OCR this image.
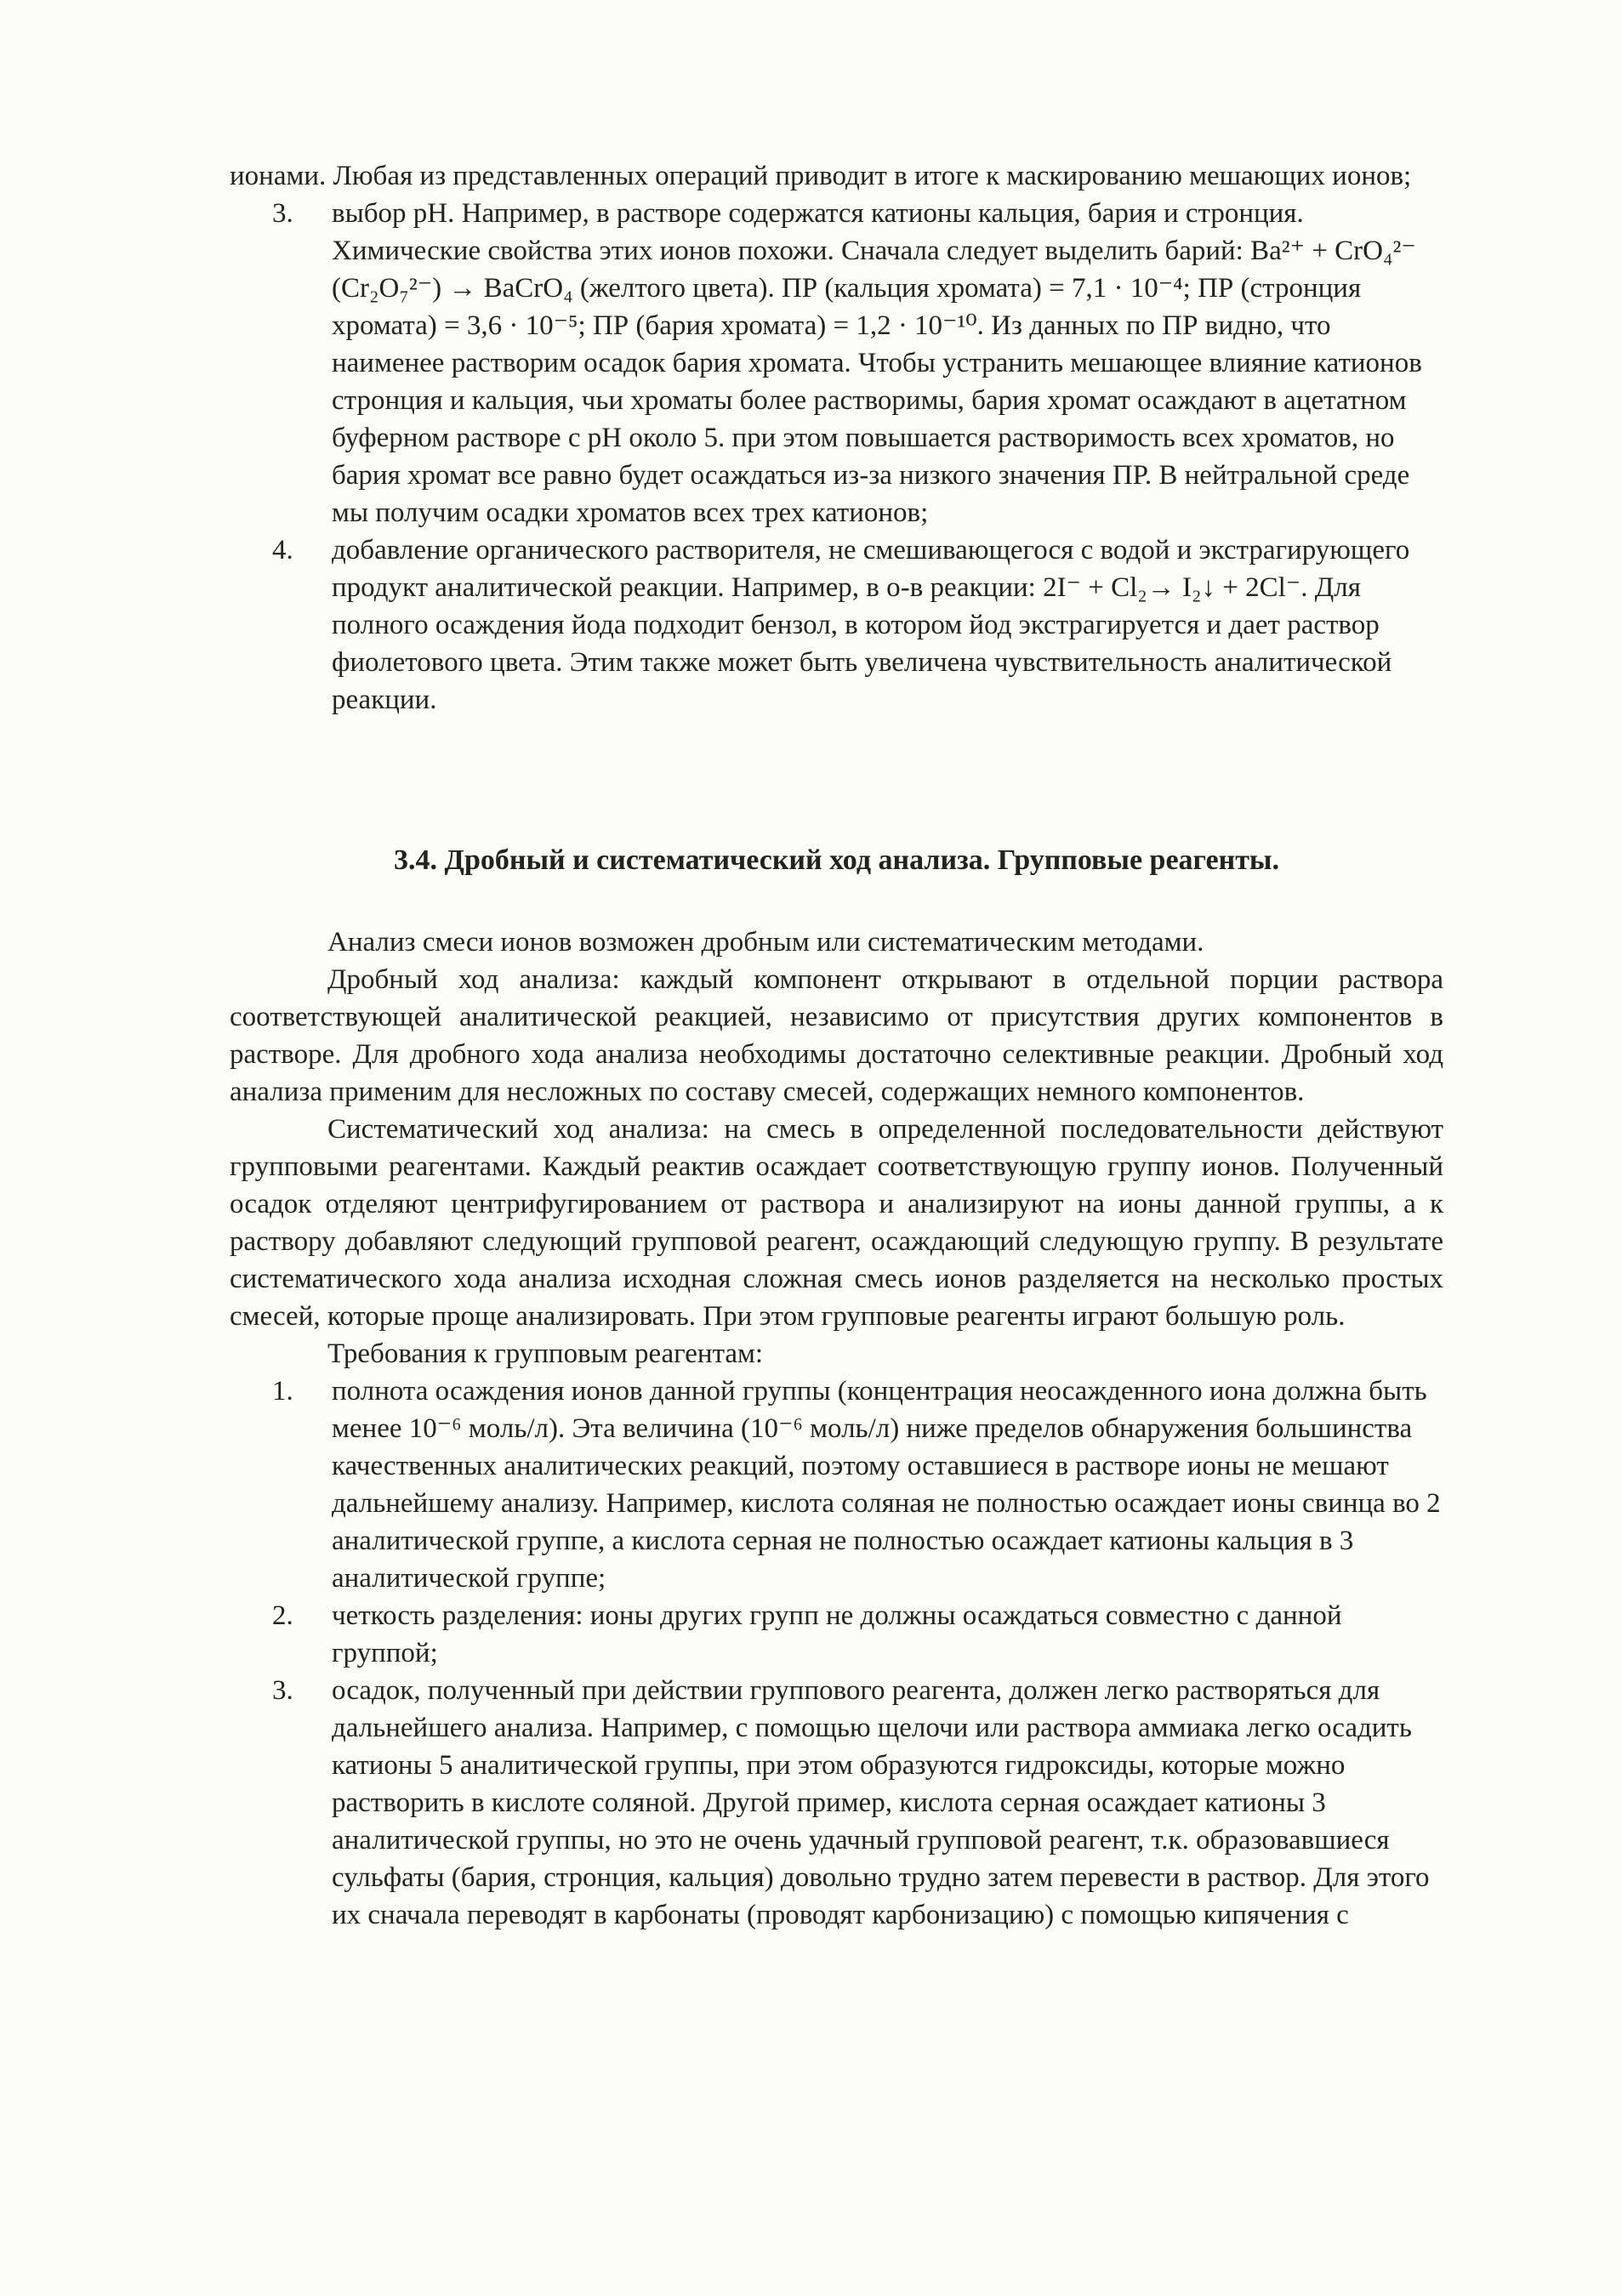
ионами. Любая из представленных операций приводит в итоге к маскированию мешающих ионов;

3.	выбор pH. Например, в растворе содержатся катионы кальция, бария и стронция. Химические свойства этих ионов похожи. Сначала следует выделить барий: Ba²⁺ + CrO₄²⁻ (Cr₂O₇²⁻) → BaCrO₄ (желтого цвета). ПР (кальция хромата) = 7,1 · 10⁻⁴; ПР (стронция хромата) = 3,6 · 10⁻⁵; ПР (бария хромата) = 1,2 · 10⁻¹⁰. Из данных по ПР видно, что наименее растворим осадок бария хромата. Чтобы устранить мешающее влияние катионов стронция и кальция, чьи хроматы более растворимы, бария хромат осаждают в ацетатном буферном растворе с pH около 5. при этом повышается растворимость всех хроматов, но бария хромат все равно будет осаждаться из-за низкого значения ПР. В нейтральной среде мы получим осадки хроматов всех трех катионов;
4.	добавление органического растворителя, не смешивающегося с водой и экстрагирующего продукт аналитической реакции. Например, в о-в реакции: 2I⁻ + Cl₂→ I₂↓ + 2Cl⁻. Для полного осаждения йода подходит бензол, в котором йод экстрагируется и дает раствор фиолетового цвета. Этим также может быть увеличена чувствительность аналитической реакции.
3.4. Дробный и систематический ход анализа. Групповые реагенты.

Анализ смеси ионов возможен дробным или систематическим методами.

Дробный ход анализа: каждый компонент открывают в отдельной порции раствора соответствующей аналитической реакцией, независимо от присутствия других компонентов в растворе. Для дробного хода анализа необходимы достаточно селективные реакции. Дробный ход анализа применим для несложных по составу смесей, содержащих немного компонентов.

Систематический ход анализа: на смесь в определенной последовательности действуют групповыми реагентами. Каждый реактив осаждает соответствующую группу ионов. Полученный осадок отделяют центрифугированием от раствора и анализируют на ионы данной группы, а к раствору добавляют следующий групповой реагент, осаждающий следующую группу. В результате систематического хода анализа исходная сложная смесь ионов разделяется на несколько простых смесей, которые проще анализировать. При этом групповые реагенты играют большую роль.

Требования к групповым реагентам:

1.	полнота осаждения ионов данной группы (концентрация неосажденного иона должна быть менее 10⁻⁶ моль/л). Эта величина (10⁻⁶ моль/л) ниже пределов обнаружения большинства качественных аналитических реакций, поэтому оставшиеся в растворе ионы не мешают дальнейшему анализу. Например, кислота соляная не полностью осаждает ионы свинца во 2 аналитической группе, а кислота серная не полностью осаждает катионы кальция в 3 аналитической группе;
2.	четкость разделения: ионы других групп не должны осаждаться совместно с данной группой;
3.	осадок, полученный при действии группового реагента, должен легко растворяться для дальнейшего анализа. Например, с помощью щелочи или раствора аммиака легко осадить катионы 5 аналитической группы, при этом образуются гидроксиды, которые можно растворить в кислоте соляной. Другой пример, кислота серная осаждает катионы 3 аналитической группы, но это не очень удачный групповой реагент, т.к. образовавшиеся сульфаты (бария, стронция, кальция) довольно трудно затем перевести в раствор. Для этого их сначала переводят в карбонаты (проводят карбонизацию) с помощью кипячения с
